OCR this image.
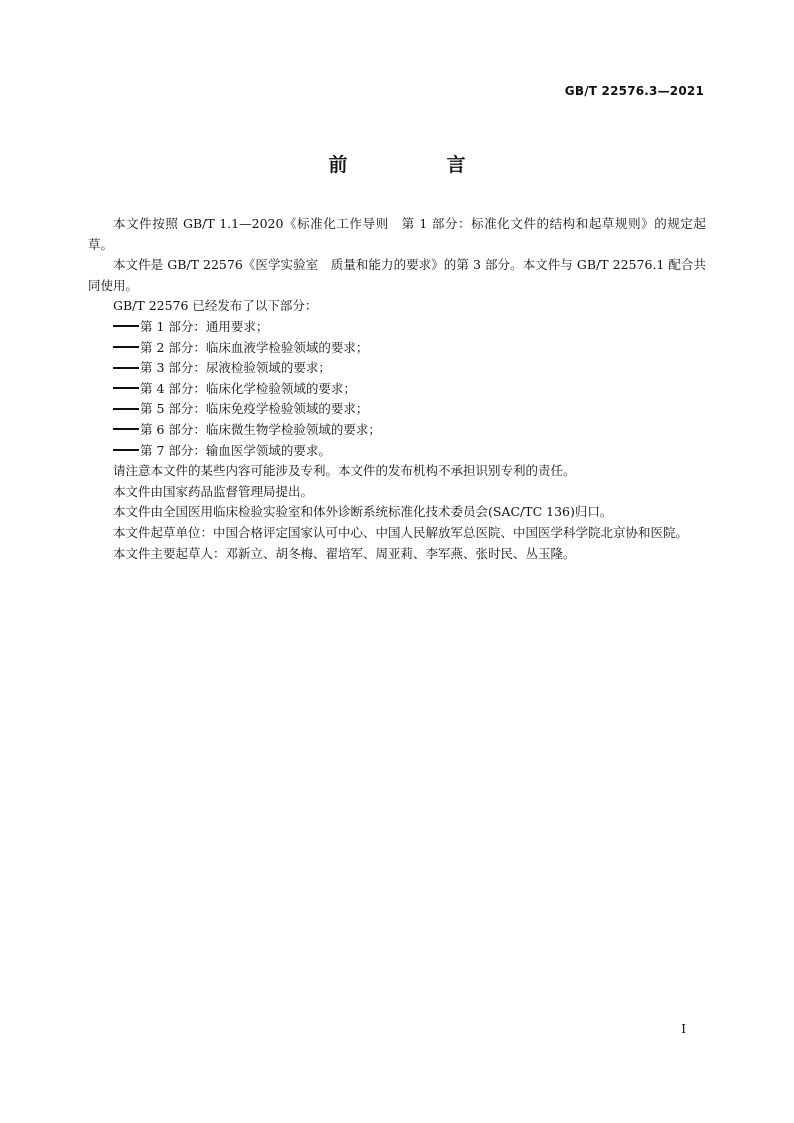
GB/T 22576.3—2021
前　言

本文件按照 GB/T 1.1—2020《标准化工作导则　第 1 部分：标准化文件的结构和起草规则》的规定起草。

本文件是 GB/T 22576《医学实验室　质量和能力的要求》的第 3 部分。本文件与 GB/T 22576.1 配合共同使用。

GB/T 22576 已经发布了以下部分：

第 1 部分：通用要求；

第 2 部分：临床血液学检验领域的要求；

第 3 部分：尿液检验领域的要求；

第 4 部分：临床化学检验领域的要求；

第 5 部分：临床免疫学检验领域的要求；

第 6 部分：临床微生物学检验领域的要求；

第 7 部分：输血医学领域的要求。

请注意本文件的某些内容可能涉及专利。本文件的发布机构不承担识别专利的责任。

本文件由国家药品监督管理局提出。

本文件由全国医用临床检验实验室和体外诊断系统标准化技术委员会(SAC/TC 136)归口。

本文件起草单位：中国合格评定国家认可中心、中国人民解放军总医院、中国医学科学院北京协和医院。

本文件主要起草人：邓新立、胡冬梅、翟培军、周亚莉、李军燕、张时民、丛玉隆。

I
